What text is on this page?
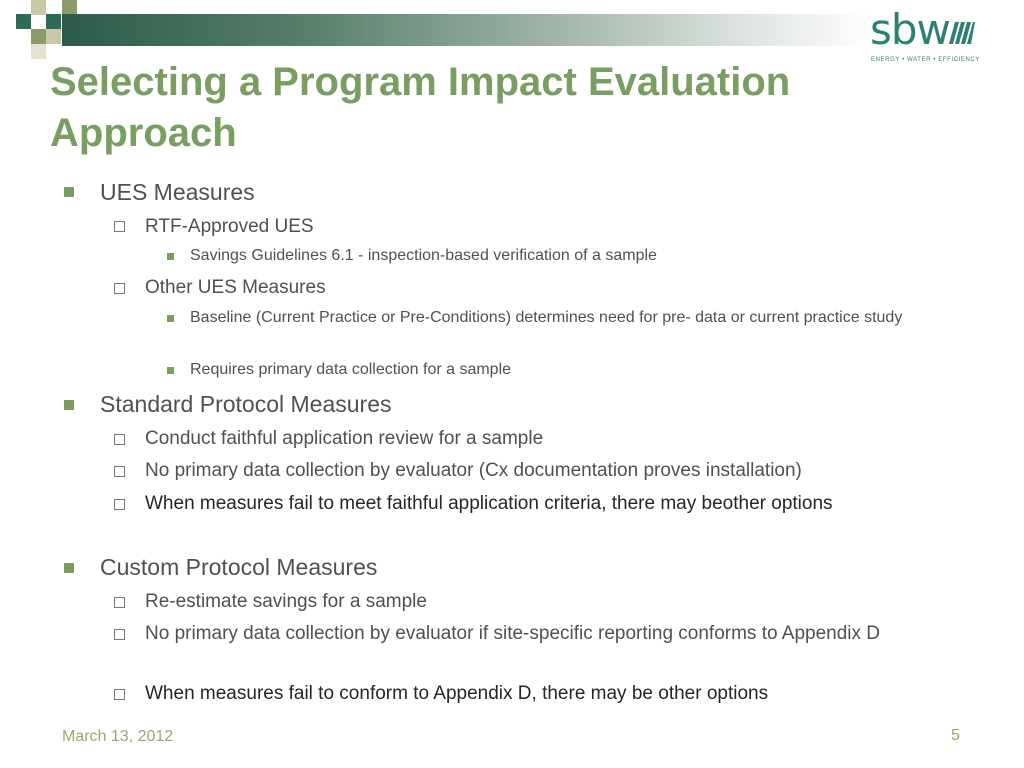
sbw
ENERGY • WATER • EFFICIENCY
Selecting a Program Impact Evaluation
Approach
UES Measures
RTF-Approved UES
Savings Guidelines 6.1 - inspection-based verification of a sample
Other UES Measures
Baseline (Current Practice or Pre-Conditions) determines need for pre- data or current practice study
Requires primary data collection for a sample
Standard Protocol Measures
Conduct faithful application review for a sample
No primary data collection by evaluator (Cx documentation proves installation)
When measures fail to meet faithful application criteria, there may beother options
Custom Protocol Measures
Re-estimate savings for a sample
No primary data collection by evaluator if site-specific reporting conforms to Appendix D
When measures fail to conform to Appendix D, there may be other options
March 13, 2012	5
